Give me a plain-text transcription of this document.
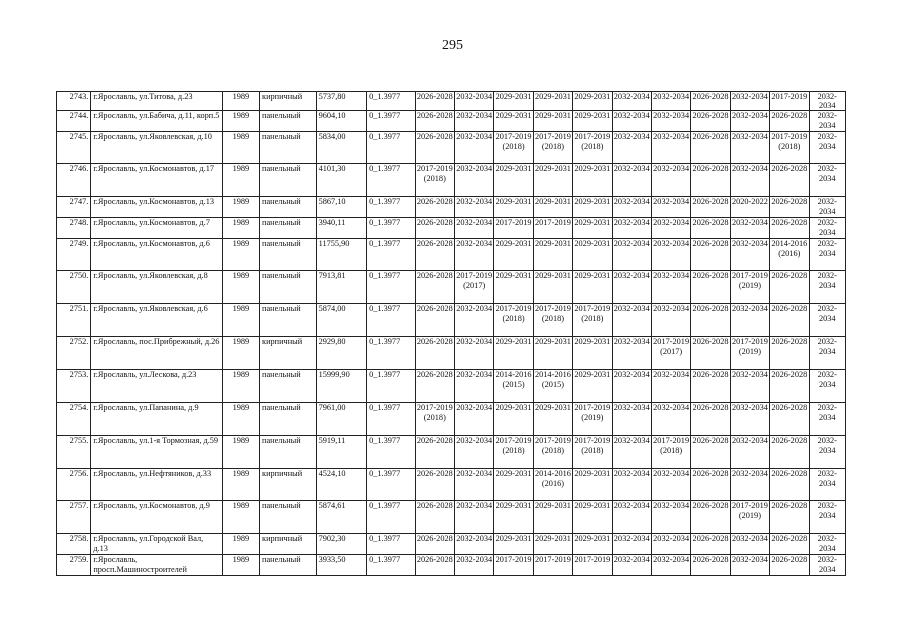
295
2743.	г.Ярославль, ул.Титова, д.23	1989	кирпичный	5737,80	0_1.3977	2026-2028	2032-2034	2029-2031	2029-2031	2029-2031	2032-2034	2032-2034	2026-2028	2032-2034	2017-2019	2032-2034
2744.	г.Ярославль, ул.Бабича, д.11, корп.5	1989	панельный	9604,10	0_1.3977	2026-2028	2032-2034	2029-2031	2029-2031	2029-2031	2032-2034	2032-2034	2026-2028	2032-2034	2026-2028	2032-2034
2745.	г.Ярославль, ул.Яковлевская, д.10	1989	панельный	5834,00	0_1.3977	2026-2028	2032-2034	2017-2019 (2018)	2017-2019 (2018)	2017-2019 (2018)	2032-2034	2032-2034	2026-2028	2032-2034	2017-2019 (2018)	2032-2034
2746.	г.Ярославль, ул.Космонавтов, д.17	1989	панельный	4101,30	0_1.3977	2017-2019 (2018)	2032-2034	2029-2031	2029-2031	2029-2031	2032-2034	2032-2034	2026-2028	2032-2034	2026-2028	2032-2034
2747.	г.Ярославль, ул.Космонавтов, д.13	1989	панельный	5867,10	0_1.3977	2026-2028	2032-2034	2029-2031	2029-2031	2029-2031	2032-2034	2032-2034	2026-2028	2020-2022	2026-2028	2032-2034
2748.	г.Ярославль, ул.Космонавтов, д.7	1989	панельный	3940,11	0_1.3977	2026-2028	2032-2034	2017-2019	2017-2019	2029-2031	2032-2034	2032-2034	2026-2028	2032-2034	2026-2028	2032-2034
2749.	г.Ярославль, ул.Космонавтов, д.6	1989	панельный	11755,90	0_1.3977	2026-2028	2032-2034	2029-2031	2029-2031	2029-2031	2032-2034	2032-2034	2026-2028	2032-2034	2014-2016 (2016)	2032-2034
2750.	г.Ярославль, ул.Яковлевская, д.8	1989	панельный	7913,81	0_1.3977	2026-2028	2017-2019 (2017)	2029-2031	2029-2031	2029-2031	2032-2034	2032-2034	2026-2028	2017-2019 (2019)	2026-2028	2032-2034
2751.	г.Ярославль, ул.Яковлевская, д.6	1989	панельный	5874,00	0_1.3977	2026-2028	2032-2034	2017-2019 (2018)	2017-2019 (2018)	2017-2019 (2018)	2032-2034	2032-2034	2026-2028	2032-2034	2026-2028	2032-2034
2752.	г.Ярославль, пос.Прибрежный, д.26	1989	кирпичный	2929,80	0_1.3977	2026-2028	2032-2034	2029-2031	2029-2031	2029-2031	2032-2034	2017-2019 (2017)	2026-2028	2017-2019 (2019)	2026-2028	2032-2034
2753.	г.Ярославль, ул.Лескова, д.23	1989	панельный	15999,90	0_1.3977	2026-2028	2032-2034	2014-2016 (2015)	2014-2016 (2015)	2029-2031	2032-2034	2032-2034	2026-2028	2032-2034	2026-2028	2032-2034
2754.	г.Ярославль, ул.Папанина, д.9	1989	панельный	7961,00	0_1.3977	2017-2019 (2018)	2032-2034	2029-2031	2029-2031	2017-2019 (2019)	2032-2034	2032-2034	2026-2028	2032-2034	2026-2028	2032-2034
2755.	г.Ярославль, ул.1-я Тормозная, д.59	1989	панельный	5919,11	0_1.3977	2026-2028	2032-2034	2017-2019 (2018)	2017-2019 (2018)	2017-2019 (2018)	2032-2034	2017-2019 (2018)	2026-2028	2032-2034	2026-2028	2032-2034
2756.	г.Ярославль, ул.Нефтяников, д.33	1989	кирпичный	4524,10	0_1.3977	2026-2028	2032-2034	2029-2031	2014-2016 (2016)	2029-2031	2032-2034	2032-2034	2026-2028	2032-2034	2026-2028	2032-2034
2757.	г.Ярославль, ул.Космонавтов, д.9	1989	панельный	5874,61	0_1.3977	2026-2028	2032-2034	2029-2031	2029-2031	2029-2031	2032-2034	2032-2034	2026-2028	2017-2019 (2019)	2026-2028	2032-2034
2758.	г.Ярославль, ул.Городской Вал, д.13	1989	кирпичный	7902,30	0_1.3977	2026-2028	2032-2034	2029-2031	2029-2031	2029-2031	2032-2034	2032-2034	2026-2028	2032-2034	2026-2028	2032-2034
2759.	г.Ярославль, просп.Машиностроителей	1989	панельный	3933,50	0_1.3977	2026-2028	2032-2034	2017-2019	2017-2019	2017-2019	2032-2034	2032-2034	2026-2028	2032-2034	2026-2028	2032-2034
